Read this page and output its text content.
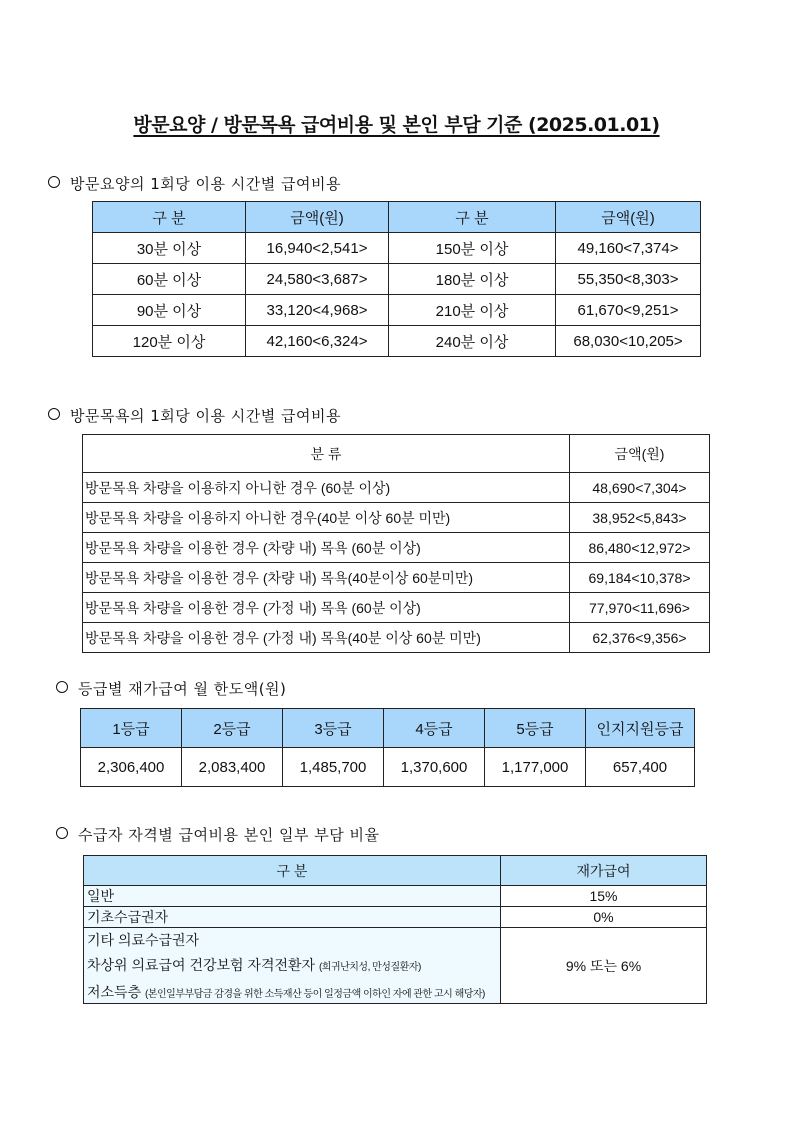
방문요양 / 방문목욕 급여비용 및 본인 부담 기준 (2025.01.01)
방문요양의 1회당 이용 시간별 급여비용
구 분	금액(원)	구 분	금액(원)
30분 이상	16,940<2,541>	150분 이상	49,160<7,374>
60분 이상	24,580<3,687>	180분 이상	55,350<8,303>
90분 이상	33,120<4,968>	210분 이상	61,670<9,251>
120분 이상	42,160<6,324>	240분 이상	68,030<10,205>
방문목욕의 1회당 이용 시간별 급여비용
분 류	금액(원)
방문목욕 차량을 이용하지 아니한 경우 (60분 이상)	48,690<7,304>
방문목욕 차량을 이용하지 아니한 경우(40분 이상 60분 미만)	38,952<5,843>
방문목욕 차량을 이용한 경우 (차량 내) 목욕 (60분 이상)	86,480<12,972>
방문목욕 차량을 이용한 경우 (차량 내) 목욕(40분이상 60분미만)	69,184<10,378>
방문목욕 차량을 이용한 경우 (가정 내) 목욕 (60분 이상)	77,970<11,696>
방문목욕 차량을 이용한 경우 (가정 내) 목욕(40분 이상 60분 미만)	62,376<9,356>
등급별 재가급여 월 한도액(원)
1등급	2등급	3등급	4등급	5등급	인지지원등급
2,306,400	2,083,400	1,485,700	1,370,600	1,177,000	657,400
수급자 자격별 급여비용 본인 일부 부담 비율
구 분	재가급여
일반	15%
기초수급권자	0%

기타 의료수급권자
차상위 의료급여 건강보험 자격전환자 (희귀난치성, 만성질환자)
저소득층 (본인일부부담금 감경을 위한 소득재산 등이 일정금액 이하인 자에 관한 고시 해당자)	9% 또는 6%
